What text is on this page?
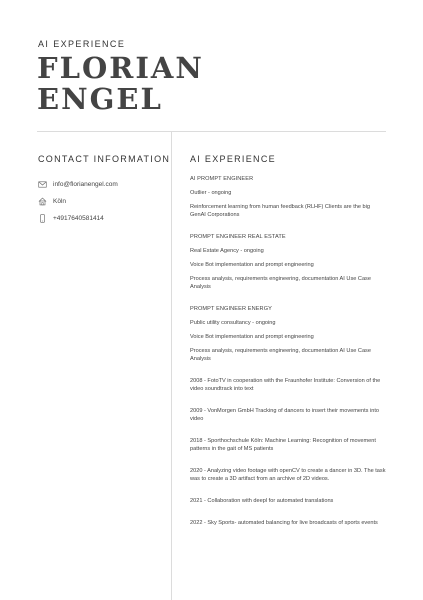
AI EXPERIENCE
FLORIAN
ENGEL
CONTACT INFORMATION
info@florianengel.com
Köln
+4917640581414
AI EXPERIENCE
AI PROMPT ENGINEER
Outlier - ongoing
Reinforcement learning from human feedback (RLHF) Clients are the big GenAI Corporations
PROMPT ENGINEER REAL ESTATE
Real Estate Agency - ongoing
Voice Bot implementation and prompt engineering
Process analysis, requirements engineering, documentation AI Use Case Analysis
PROMPT ENGINEER ENERGY
Public utility consultancy - ongoing
Voice Bot implementation and prompt engineering
Process analysis, requirements engineering, documentation AI Use Case Analysis
2008 - FotoTV in cooperation with the Fraunhofer Institute: Conversion of the video soundtrack into text
2009 - VonMorgen GmbH Tracking of dancers to insert their movements into video
2018 - Sporthochschule Köln: Machine Learning: Recognition of movement patterns in the gait of MS patients
2020 - Analyzing video footage with openCV to create a dancer in 3D. The task was to create a 3D artifact from an archive of 2D videos.
2021 - Collaboration with deepl for automated translations
2022 - Sky Sports- automated balancing for live broadcasts of sports events
